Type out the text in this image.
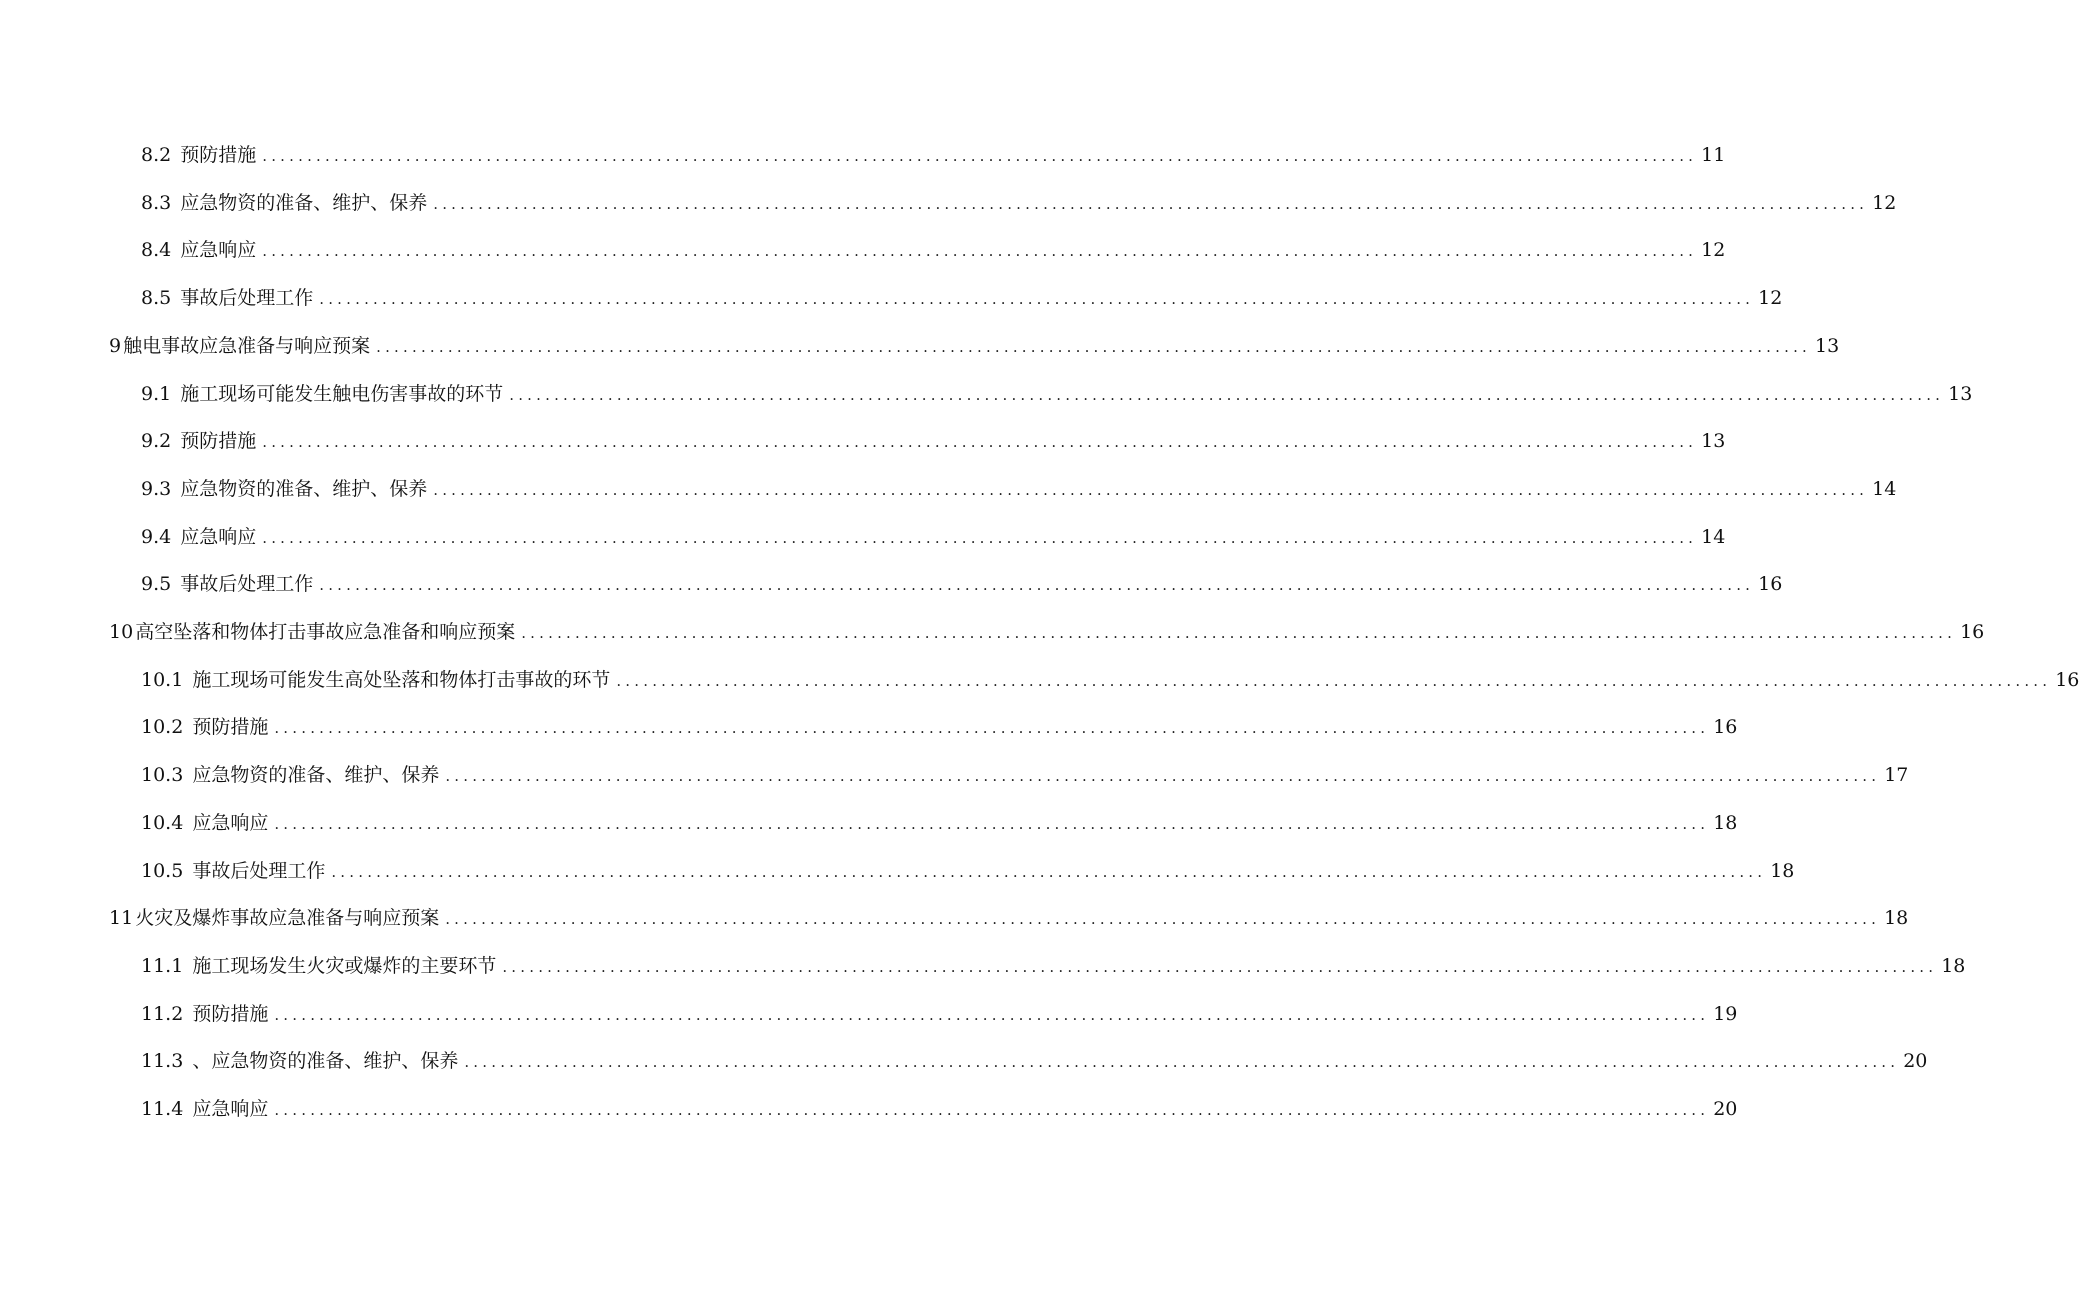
8.2 预防措施 ................................................................................................................................................................ 11
8.3 应急物资的准备、维护、保养 ................................................................................................................................................................ 12
8.4 应急响应 ................................................................................................................................................................ 12
8.5 事故后处理工作 ................................................................................................................................................................ 12
9 触电事故应急准备与响应预案 ................................................................................................................................................................ 13
9.1 施工现场可能发生触电伤害事故的环节 ................................................................................................................................................................ 13
9.2 预防措施 ................................................................................................................................................................ 13
9.3 应急物资的准备、维护、保养 ................................................................................................................................................................ 14
9.4 应急响应 ................................................................................................................................................................ 14
9.5 事故后处理工作 ................................................................................................................................................................ 16
10 高空坠落和物体打击事故应急准备和响应预案 ................................................................................................................................................................ 16
10.1 施工现场可能发生高处坠落和物体打击事故的环节 ................................................................................................................................................................ 16
10.2 预防措施 ................................................................................................................................................................ 16
10.3 应急物资的准备、维护、保养 ................................................................................................................................................................ 17
10.4 应急响应 ................................................................................................................................................................ 18
10.5 事故后处理工作 ................................................................................................................................................................ 18
11 火灾及爆炸事故应急准备与响应预案 ................................................................................................................................................................ 18
11.1 施工现场发生火灾或爆炸的主要环节 ................................................................................................................................................................ 18
11.2 预防措施 ................................................................................................................................................................ 19
11.3 、应急物资的准备、维护、保养 ................................................................................................................................................................ 20
11.4 应急响应 ................................................................................................................................................................ 20
